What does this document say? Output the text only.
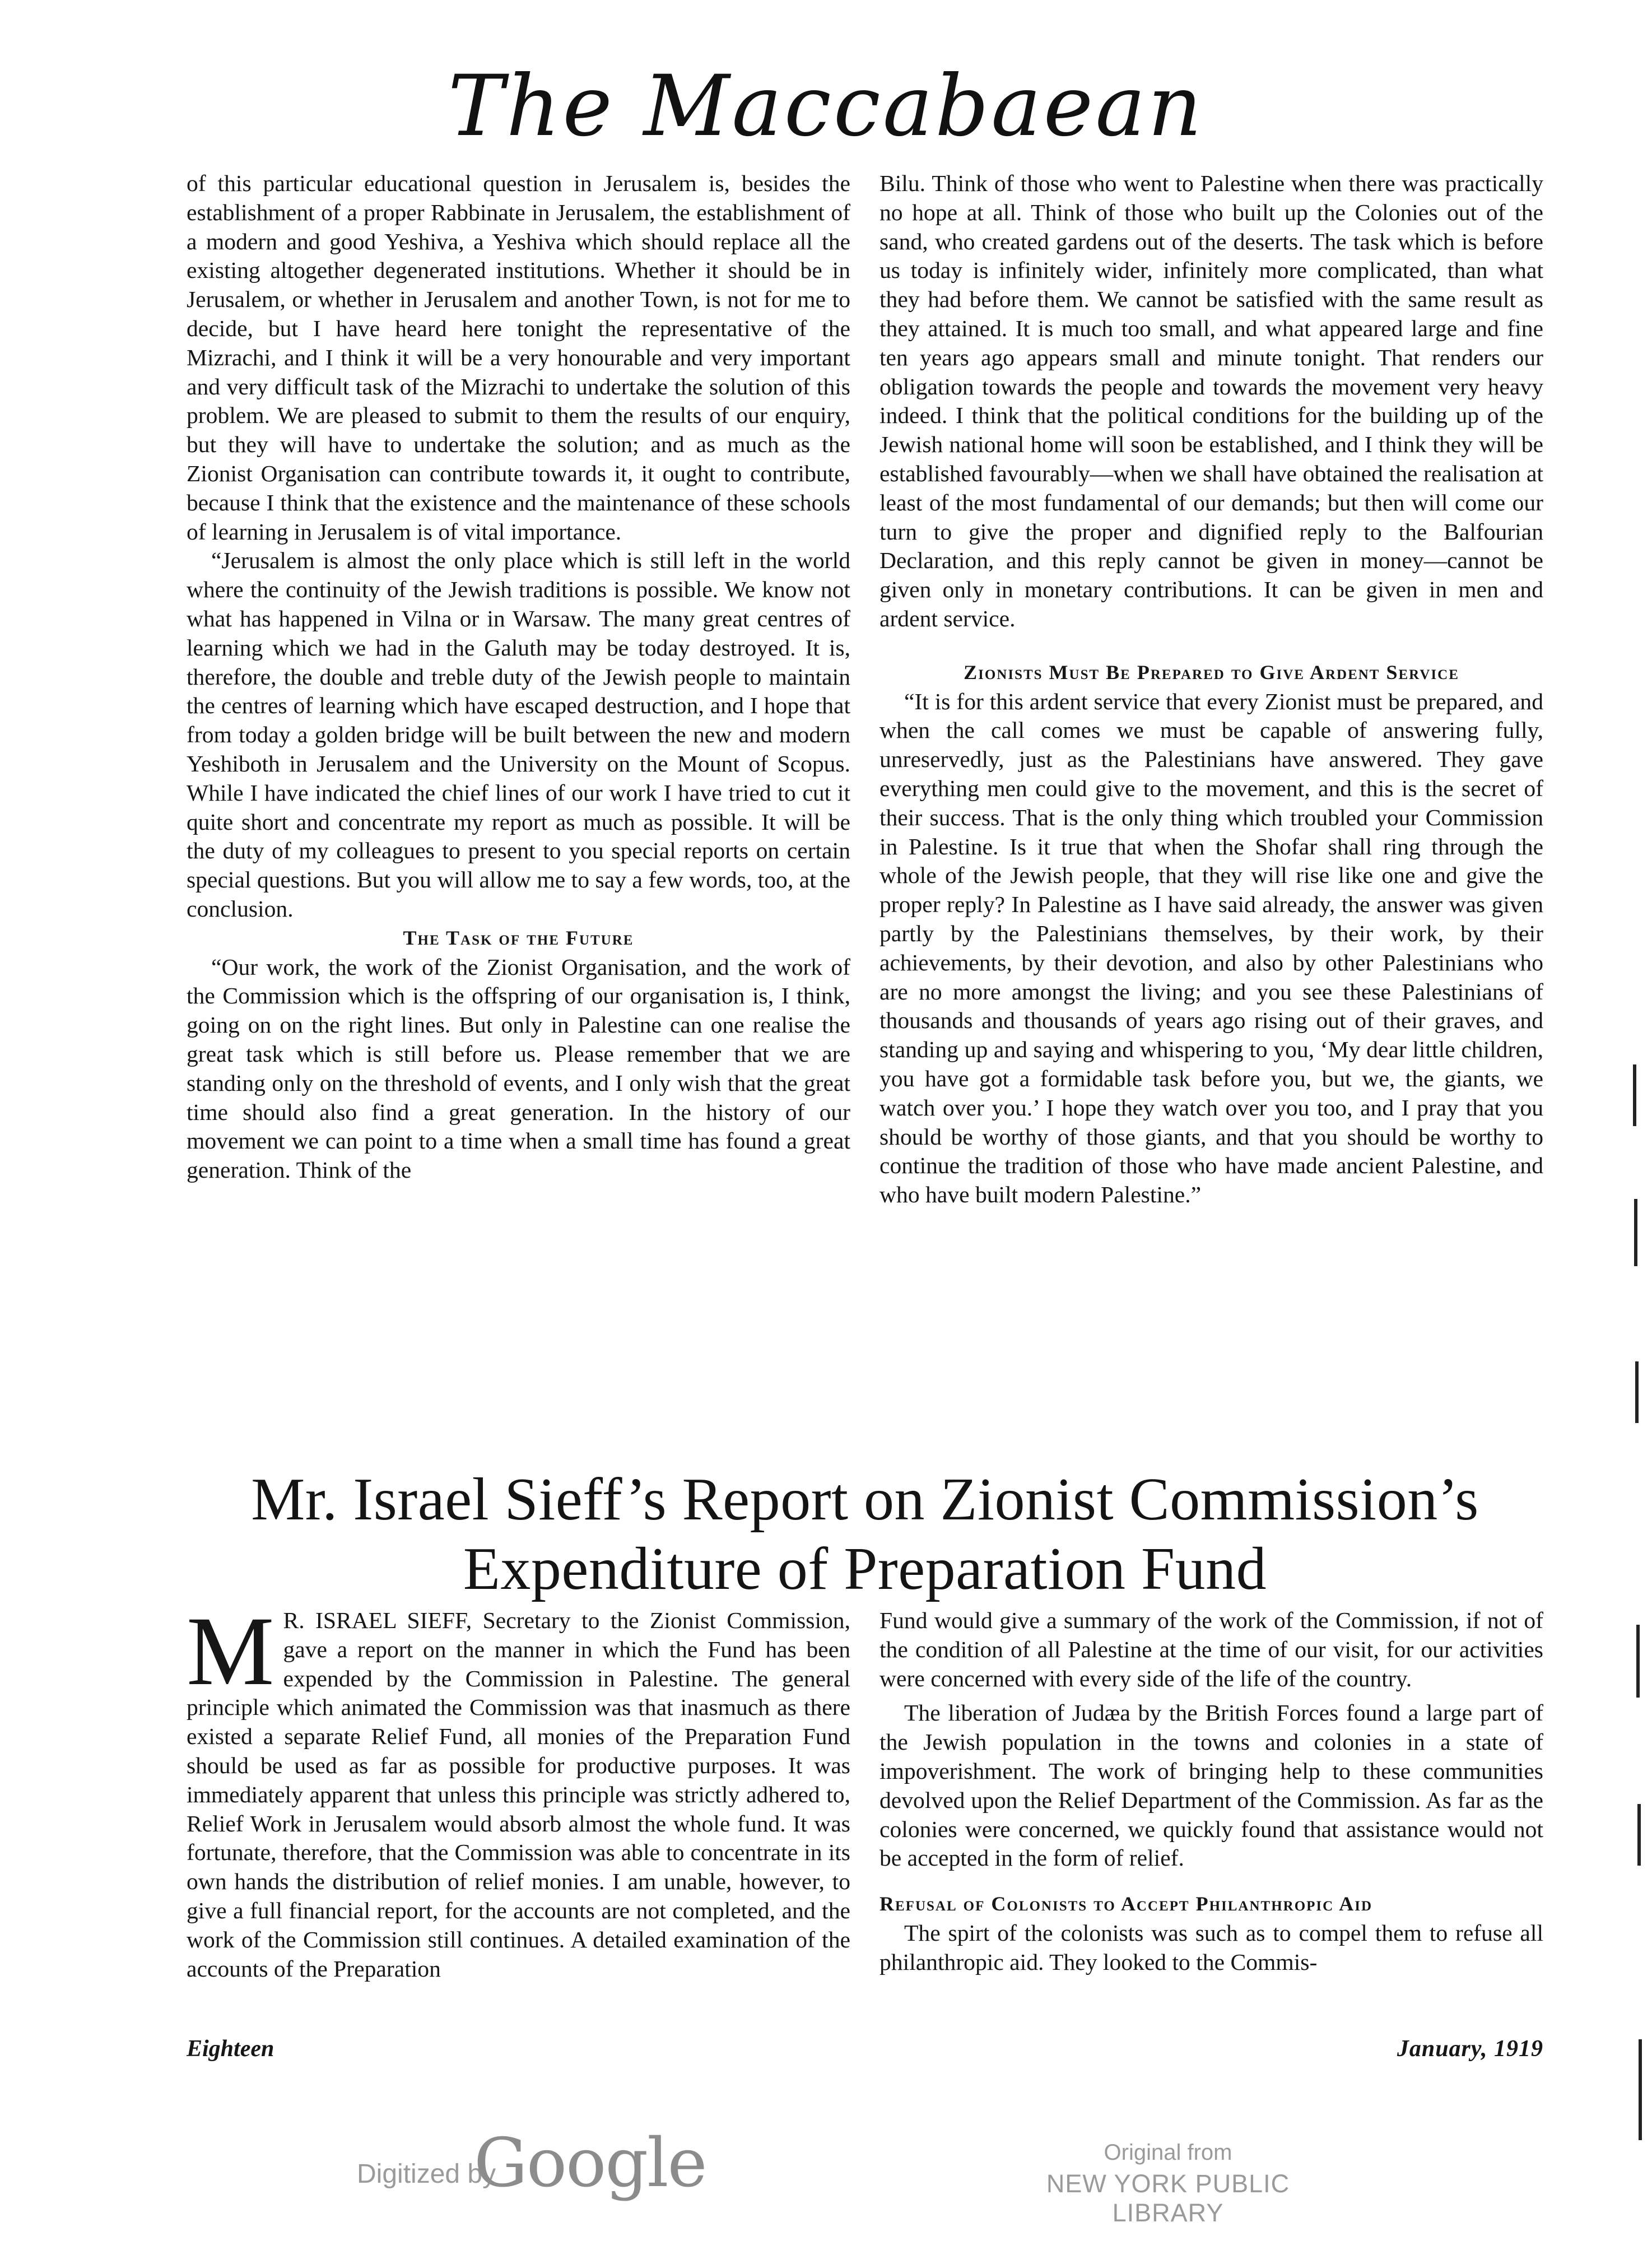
The Maccabaean

of this particular educational question in Jerusalem is, besides the establishment of a proper Rabbinate in Jerusalem, the establishment of a modern and good Yeshiva, a Yeshiva which should replace all the existing altogether degenerated institutions. Whether it should be in Jerusalem, or whether in Jerusalem and another Town, is not for me to decide, but I have heard here tonight the representative of the Mizrachi, and I think it will be a very honourable and very important and very difficult task of the Mizrachi to undertake the solution of this problem. We are pleased to submit to them the results of our enquiry, but they will have to undertake the solution; and as much as the Zionist Organisation can contribute towards it, it ought to contribute, because I think that the existence and the maintenance of these schools of learning in Jerusalem is of vital importance.

“Jerusalem is almost the only place which is still left in the world where the continuity of the Jewish traditions is possible. We know not what has happened in Vilna or in Warsaw. The many great centres of learning which we had in the Galuth may be today destroyed. It is, therefore, the double and treble duty of the Jewish people to maintain the centres of learning which have escaped destruction, and I hope that from today a golden bridge will be built between the new and modern Yeshiboth in Jerusalem and the University on the Mount of Scopus. While I have indicated the chief lines of our work I have tried to cut it quite short and concentrate my report as much as possible. It will be the duty of my colleagues to present to you special reports on certain special questions. But you will allow me to say a few words, too, at the conclusion.

The Task of the Future

“Our work, the work of the Zionist Organisation, and the work of the Commission which is the offspring of our organisation is, I think, going on on the right lines. But only in Palestine can one realise the great task which is still before us. Please remember that we are standing only on the threshold of events, and I only wish that the great time should also find a great generation. In the history of our movement we can point to a time when a small time has found a great generation. Think of the

Bilu. Think of those who went to Palestine when there was practically no hope at all. Think of those who built up the Colonies out of the sand, who created gardens out of the deserts. The task which is before us today is infinitely wider, infinitely more complicated, than what they had before them. We cannot be satisfied with the same result as they attained. It is much too small, and what appeared large and fine ten years ago appears small and minute tonight. That renders our obligation towards the people and towards the movement very heavy indeed. I think that the political conditions for the building up of the Jewish national home will soon be established, and I think they will be established favourably—when we shall have obtained the realisation at least of the most fundamental of our demands; but then will come our turn to give the proper and dignified reply to the Balfourian Declaration, and this reply cannot be given in money—cannot be given only in monetary contributions. It can be given in men and ardent service.

Zionists Must Be Prepared to Give Ardent Service

“It is for this ardent service that every Zionist must be prepared, and when the call comes we must be capable of answering fully, unreservedly, just as the Palestinians have answered. They gave everything men could give to the movement, and this is the secret of their success. That is the only thing which troubled your Commission in Palestine. Is it true that when the Shofar shall ring through the whole of the Jewish people, that they will rise like one and give the proper reply? In Palestine as I have said already, the answer was given partly by the Palestinians themselves, by their work, by their achievements, by their devotion, and also by other Palestinians who are no more amongst the living; and you see these Palestinians of thousands and thousands of years ago rising out of their graves, and standing up and saying and whispering to you, ‘My dear little children, you have got a formidable task before you, but we, the giants, we watch over you.’ I hope they watch over you too, and I pray that you should be worthy of those giants, and that you should be worthy to continue the tradition of those who have made ancient Palestine, and who have built modern Palestine.”

Mr. Israel Sieff’s Report on Zionist Commission’s
Expenditure of Preparation Fund
M R. ISRAEL SIEFF, Secretary to the Zionist Commission, gave a report on the manner in which the Fund has been expended by the Commission in Palestine. The general principle which animated the Commission was that inasmuch as there existed a separate Relief Fund, all monies of the Preparation Fund should be used as far as possible for productive purposes. It was immediately apparent that unless this principle was strictly adhered to, Relief Work in Jerusalem would absorb almost the whole fund. It was fortunate, therefore, that the Commission was able to concentrate in its own hands the distribution of relief monies. I am unable, however, to give a full financial report, for the accounts are not completed, and the work of the Commission still continues. A detailed examination of the accounts of the Preparation

Fund would give a summary of the work of the Commission, if not of the condition of all Palestine at the time of our visit, for our activities were concerned with every side of the life of the country.

The liberation of Judæa by the British Forces found a large part of the Jewish population in the towns and colonies in a state of impoverishment. The work of bringing help to these communities devolved upon the Relief Department of the Commission. As far as the colonies were concerned, we quickly found that assistance would not be accepted in the form of relief.

Refusal of Colonists to Accept Philanthropic Aid

The spirt of the colonists was such as to compel them to refuse all philanthropic aid. They looked to the Commis-

Eighteen	January, 1919
Digitized by
Google	Original from
NEW YORK PUBLIC LIBRARY
